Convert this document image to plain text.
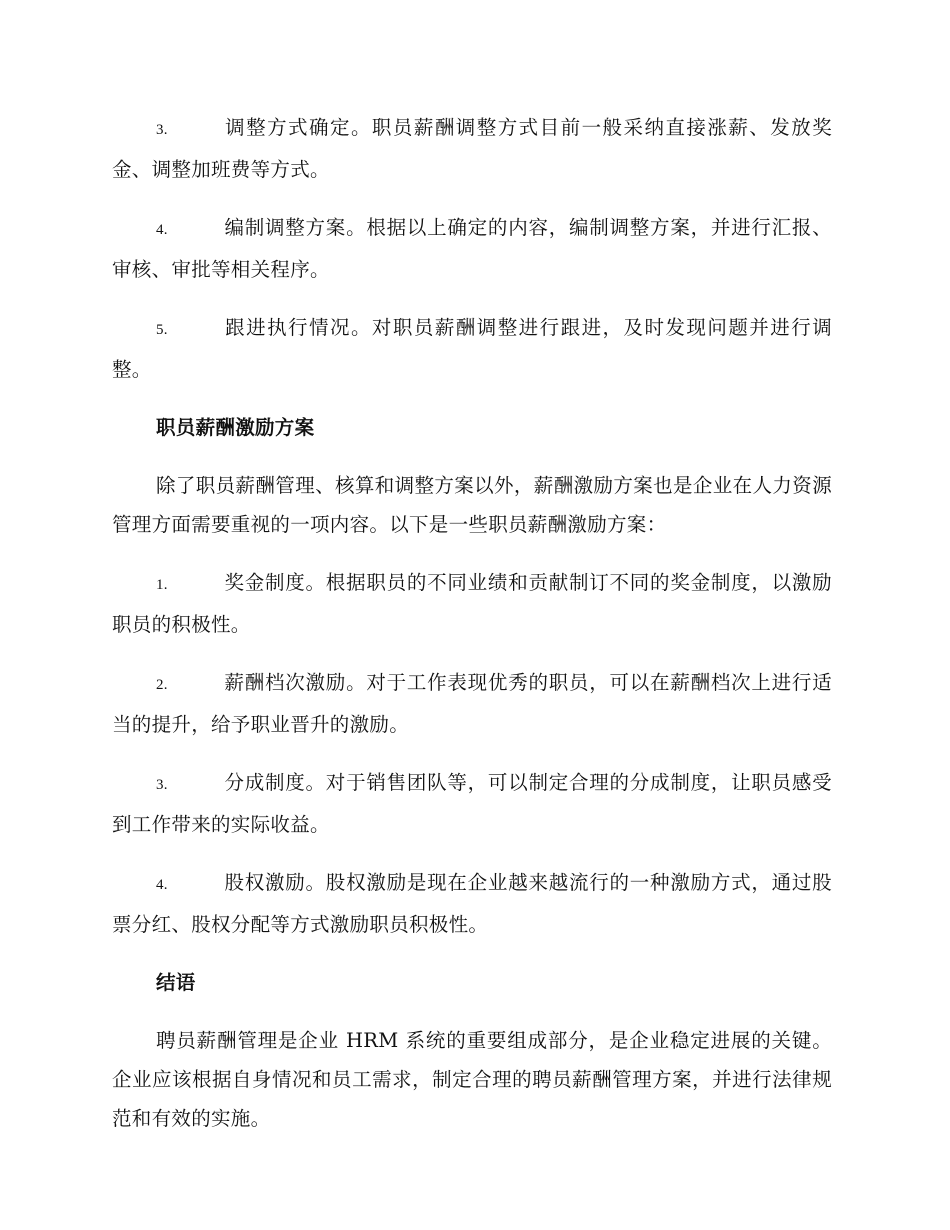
3.	调整方式确定。职员薪酬调整方式目前一般采纳直接涨薪、发放奖金、调整加班费等方式。

4.	编制调整方案。根据以上确定的内容，编制调整方案，并进行汇报、审核、审批等相关程序。

5.	跟进执行情况。对职员薪酬调整进行跟进，及时发现问题并进行调整。

职员薪酬激励方案

除了职员薪酬管理、核算和调整方案以外，薪酬激励方案也是企业在人力资源管理方面需要重视的一项内容。以下是一些职员薪酬激励方案：

1.	奖金制度。根据职员的不同业绩和贡献制订不同的奖金制度，以激励职员的积极性。

2.	薪酬档次激励。对于工作表现优秀的职员，可以在薪酬档次上进行适当的提升，给予职业晋升的激励。

3.	分成制度。对于销售团队等，可以制定合理的分成制度，让职员感受到工作带来的实际收益。

4.	股权激励。股权激励是现在企业越来越流行的一种激励方式，通过股票分红、股权分配等方式激励职员积极性。

结语

聘员薪酬管理是企业 HRM 系统的重要组成部分，是企业稳定进展的关键。企业应该根据自身情况和员工需求，制定合理的聘员薪酬管理方案，并进行法律规范和有效的实施。
